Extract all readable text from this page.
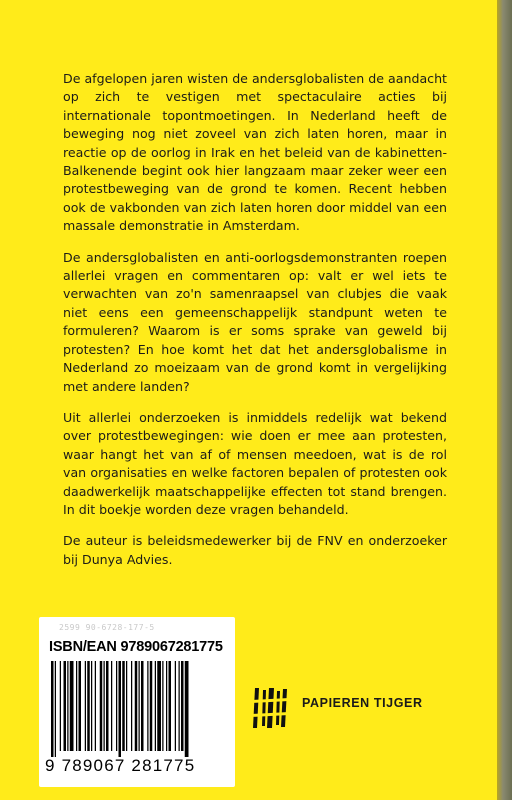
De afgelopen jaren wisten de andersglobalisten de aandacht op zich te vestigen met spectaculaire acties bij internationale topontmoetingen. In Nederland heeft de beweging nog niet zoveel van zich laten horen, maar in reactie op de oorlog in Irak en het beleid van de kabinetten-Balkenende begint ook hier langzaam maar zeker weer een protestbeweging van de grond te komen. Recent hebben ook de vakbonden van zich laten horen door middel van een massale demonstratie in Amsterdam.

De andersglobalisten en anti-oorlogsdemonstranten roepen allerlei vragen en commentaren op: valt er wel iets te verwachten van zo'n samenraapsel van clubjes die vaak niet eens een gemeenschappelijk standpunt weten te formuleren? Waarom is er soms sprake van geweld bij protesten? En hoe komt het dat het andersglobalisme in Nederland zo moeizaam van de grond komt in vergelijking met andere landen?

Uit allerlei onderzoeken is inmiddels redelijk wat bekend over protestbewegingen: wie doen er mee aan protesten, waar hangt het van af of mensen meedoen, wat is de rol van organisaties en welke factoren bepalen of protesten ook daadwerkelijk maatschappelijke effecten tot stand brengen. In dit boekje worden deze vragen behandeld.

De auteur is beleidsmedewerker bij de FNV en onderzoeker bij Dunya Advies.

2599 90-6728-177-5
ISBN/EAN 9789067281775
9 789067 281775
PAPIEREN TIJGER
